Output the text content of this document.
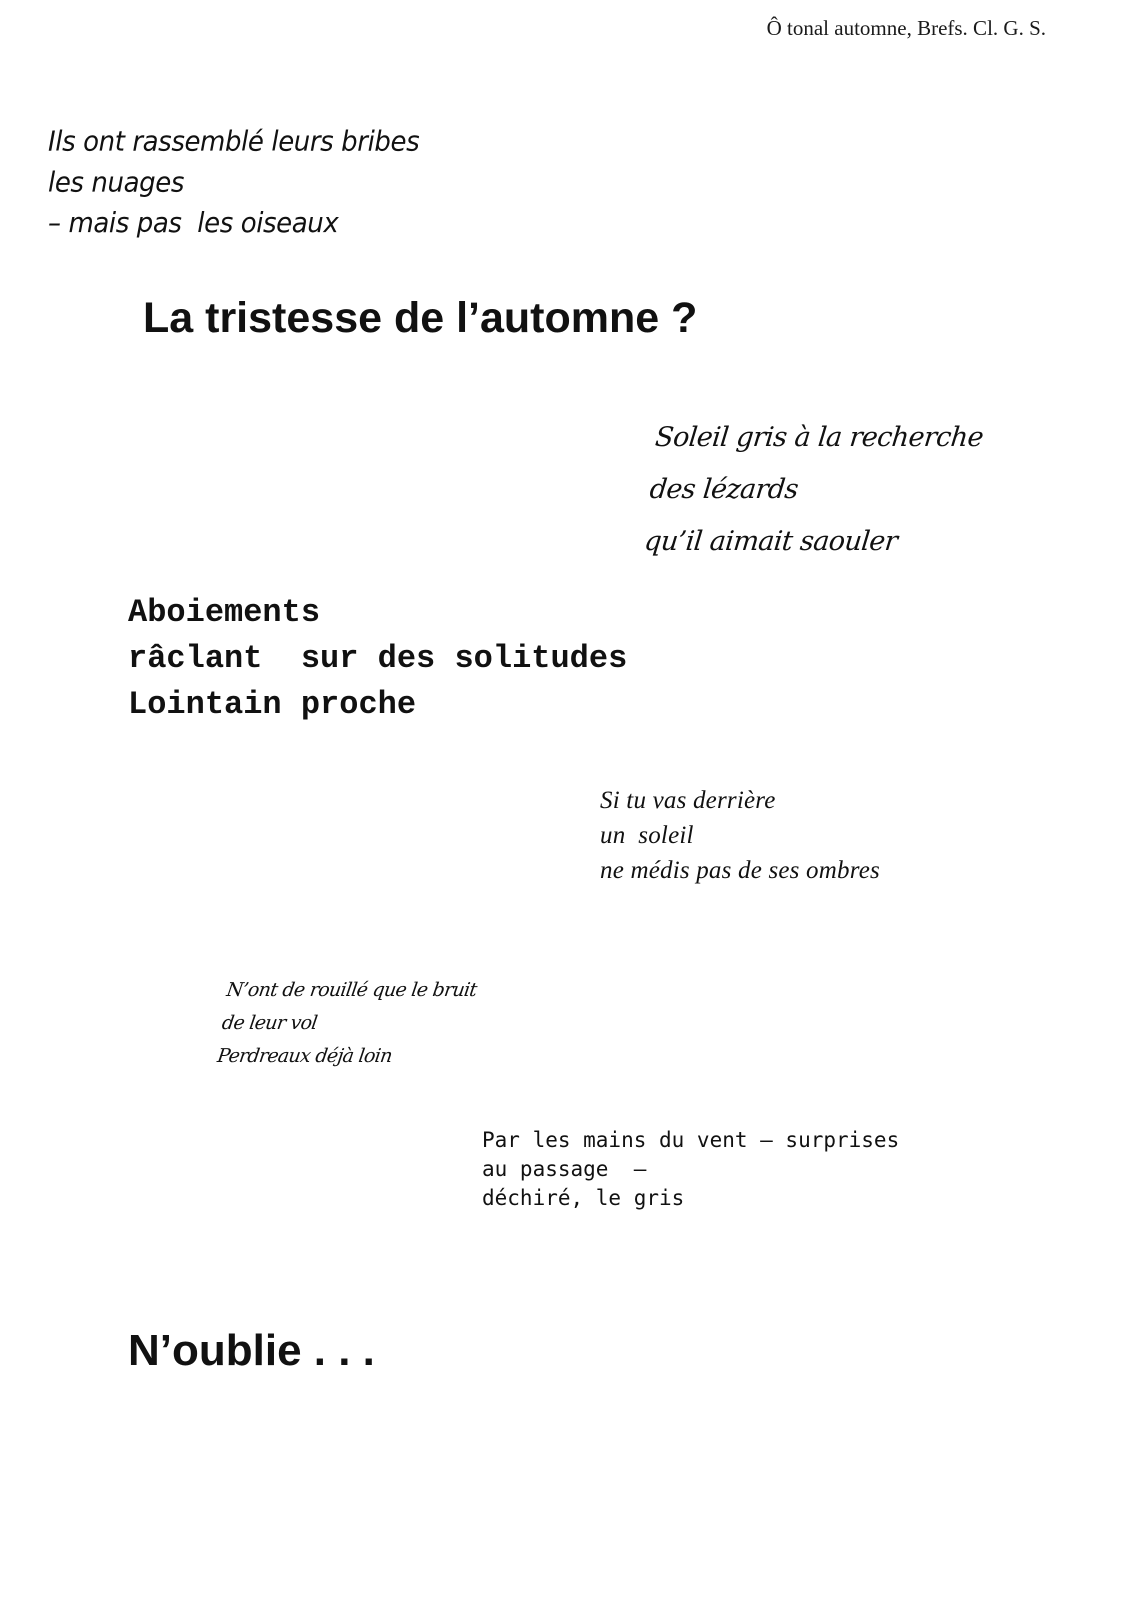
Ô tonal automne, Brefs. Cl. G. S.
Ils ont rassemblé leurs bribes
les nuages
– mais pas  les oiseaux
La tristesse de l’automne ?
Soleil gris à la recherche
des lézards
qu’il aimait saouler
Aboiements
râclant  sur des solitudes
Lointain proche
Si tu vas derrière
un  soleil
ne médis pas de ses ombres
N’ont de rouillé que le bruit
de leur vol
Perdreaux déjà loin
Par les mains du vent – surprises
au passage  –
déchiré, le gris
N’oublie . . .
